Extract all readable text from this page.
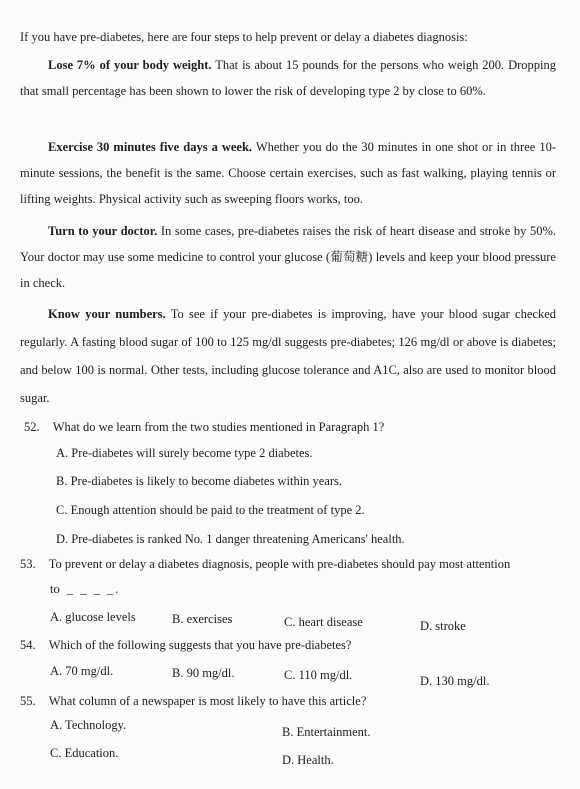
If you have pre-diabetes, here are four steps to help prevent or delay a diabetes diagnosis:
Lose 7% of your body weight. That is about 15 pounds for the persons who weigh 200. Dropping that small percentage has been shown to lower the risk of developing type 2 by close to 60%.
Exercise 30 minutes five days a week. Whether you do the 30 minutes in one shot or in three 10-minute sessions, the benefit is the same. Choose certain exercises, such as fast walking, playing tennis or lifting weights. Physical activity such as sweeping floors works, too.
Turn to your doctor. In some cases, pre-diabetes raises the risk of heart disease and stroke by 50%. Your doctor may use some medicine to control your glucose (葡萄糖) levels and keep your blood pressure in check.
Know your numbers. To see if your pre-diabetes is improving, have your blood sugar checked regularly. A fasting blood sugar of 100 to 125 mg/dl suggests pre-diabetes; 126 mg/dl or above is diabetes; and below 100 is normal. Other tests, including glucose tolerance and A1C, also are used to monitor blood sugar.
52. What do we learn from the two studies mentioned in Paragraph 1?
A. Pre-diabetes will surely become type 2 diabetes.
B. Pre-diabetes is likely to become diabetes within years.
C. Enough attention should be paid to the treatment of type 2.
D. Pre-diabetes is ranked No. 1 danger threatening Americans' health.
53. To prevent or delay a diabetes diagnosis, people with pre-diabetes should pay most attention
to _ _ _ _.
A. glucose levels	B. exercises	C. heart disease	D. stroke
54. Which of the following suggests that you have pre-diabetes?
A. 70 mg/dl.	B. 90 mg/dl.	C. 110 mg/dl.	D. 130 mg/dl.
55. What column of a newspaper is most likely to have this article?
A. Technology.	B. Entertainment.
C. Education.	D. Health.
